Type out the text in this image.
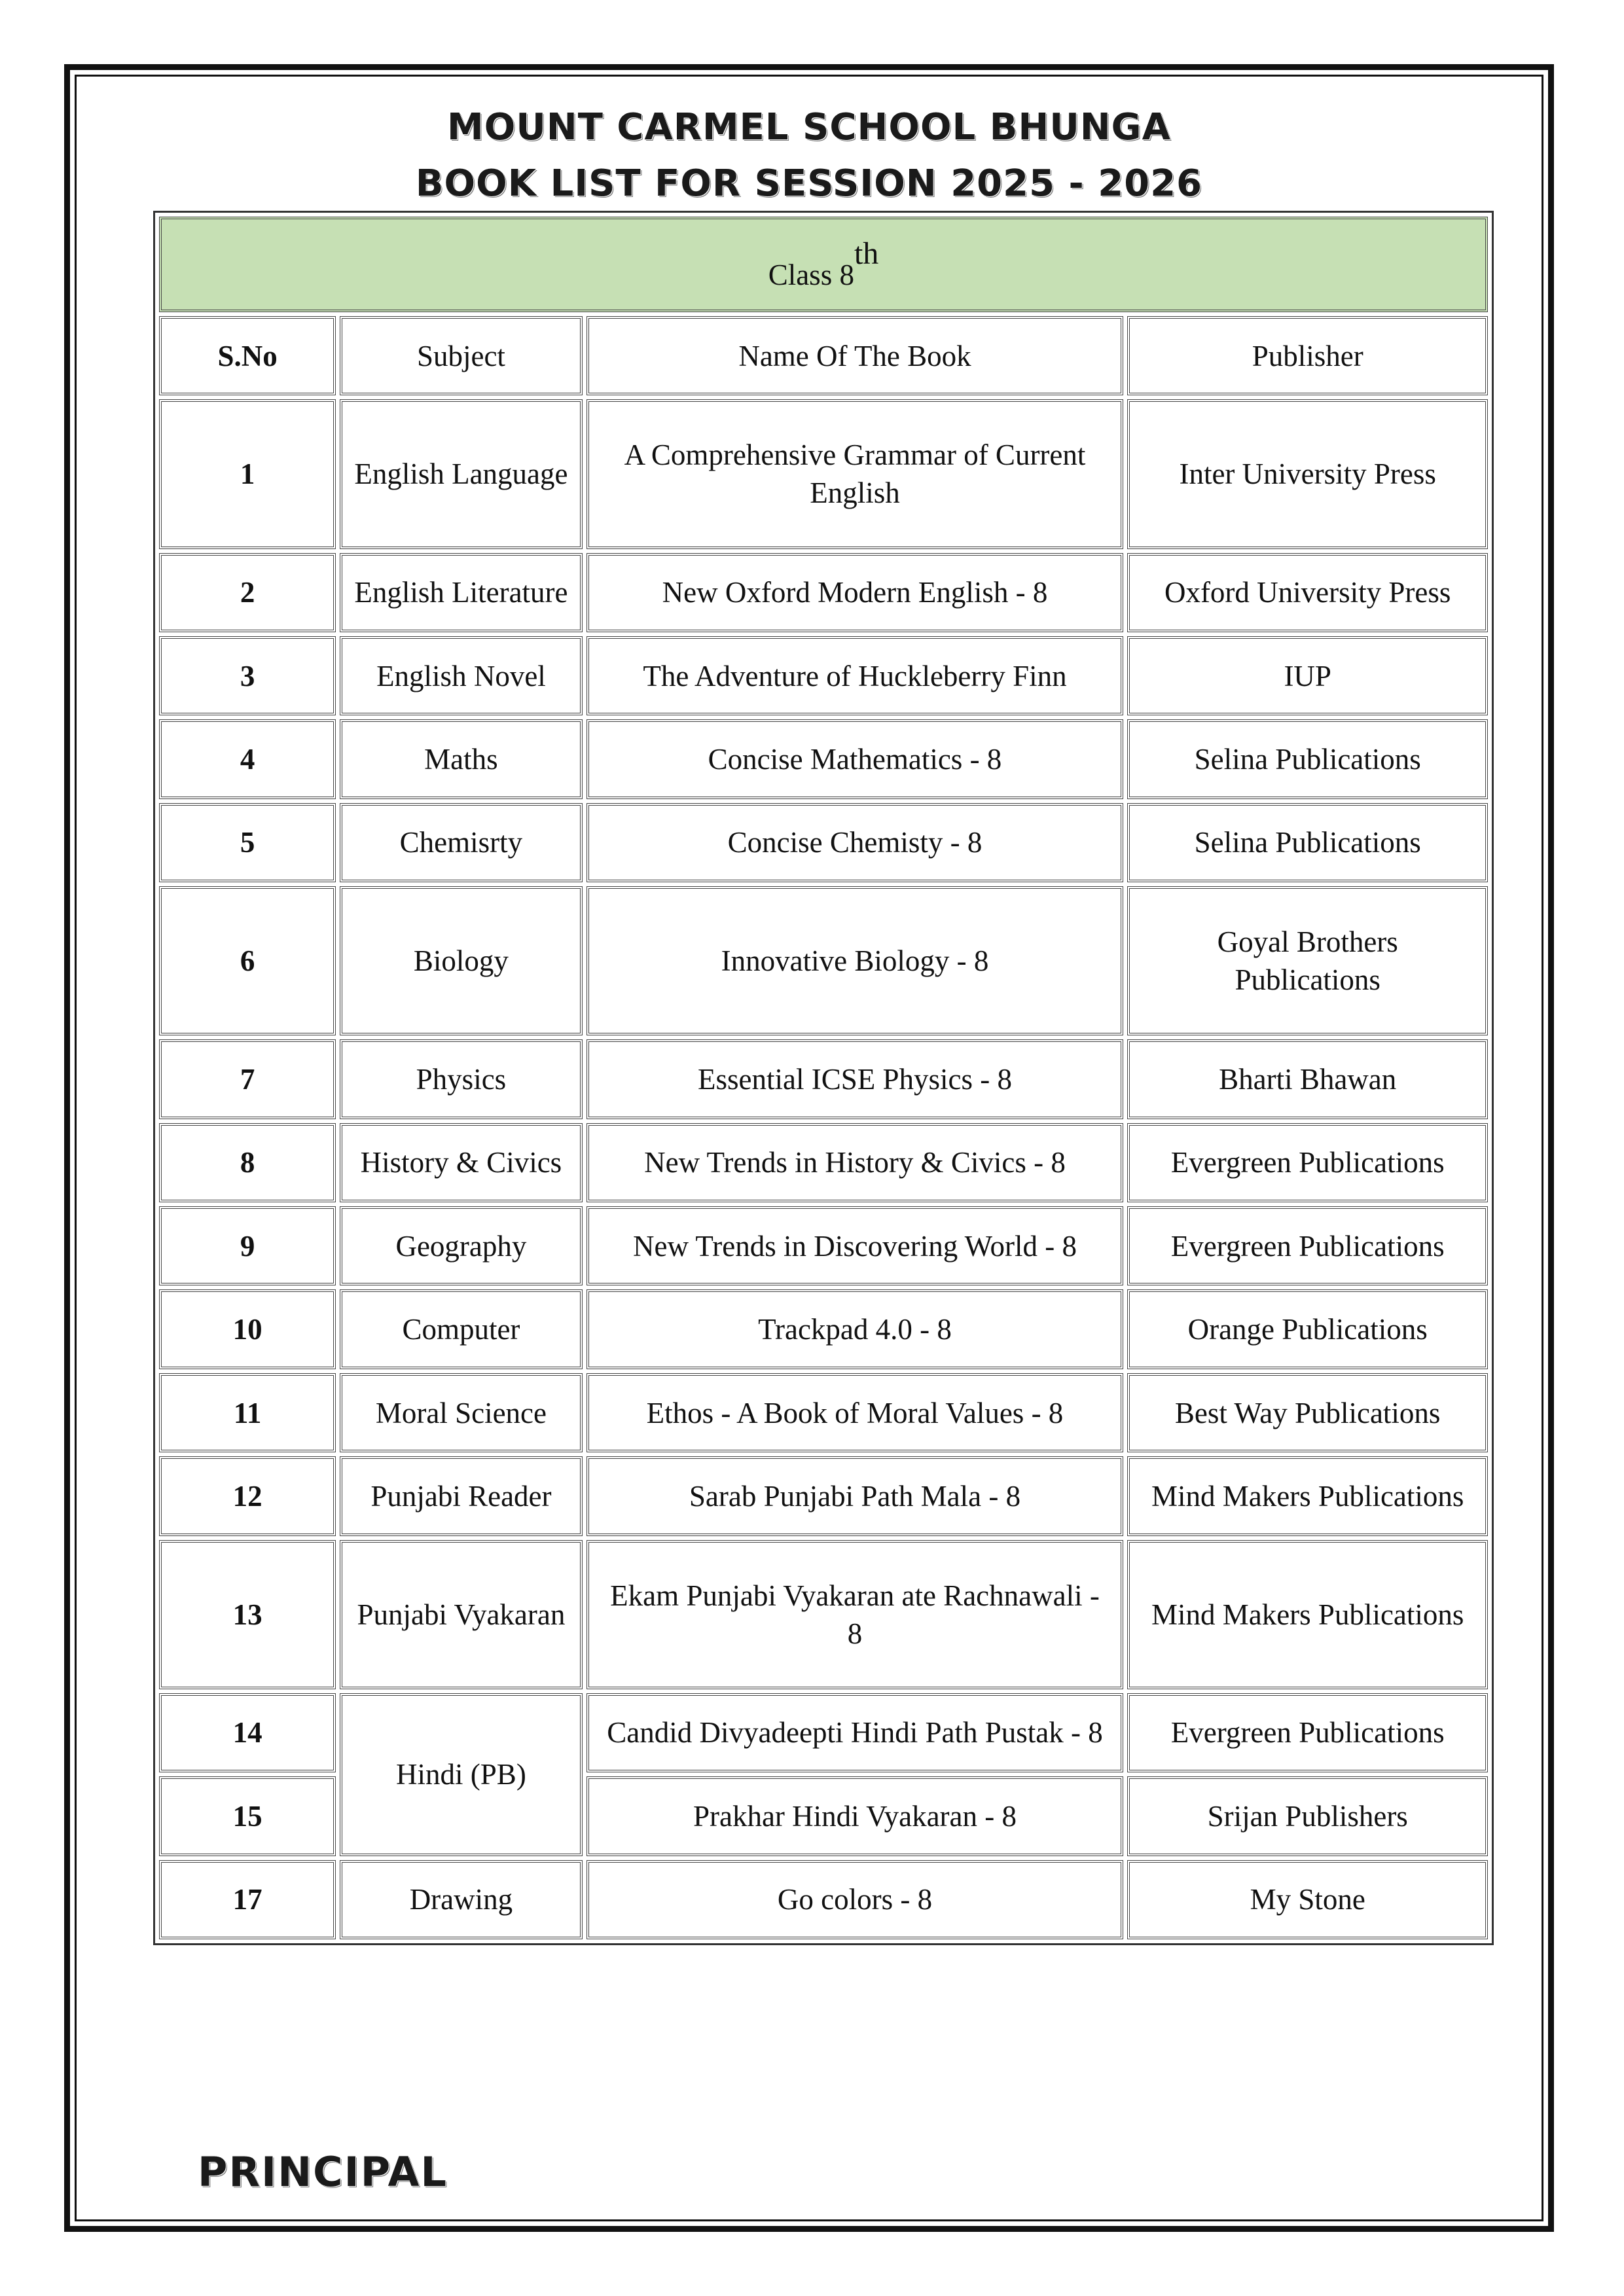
MOUNT CARMEL SCHOOL BHUNGA
BOOK LIST FOR SESSION 2025 - 2026
Class 8th
S.No	Subject	Name Of The Book	Publisher
1	English Language	A Comprehensive Grammar of Current English	Inter University Press
2	English Literature	New Oxford Modern English - 8	Oxford University Press
3	English Novel	The Adventure of Huckleberry Finn	IUP
4	Maths	Concise Mathematics - 8	Selina Publications
5	Chemisrty	Concise Chemisty - 8	Selina Publications
6	Biology	Innovative Biology - 8	Goyal Brothers Publications
7	Physics	Essential ICSE Physics - 8	Bharti Bhawan
8	History & Civics	New Trends in History & Civics - 8	Evergreen Publications
9	Geography	New Trends in Discovering World - 8	Evergreen Publications
10	Computer	Trackpad 4.0 - 8	Orange Publications
11	Moral Science	Ethos - A Book of Moral Values - 8	Best Way Publications
12	Punjabi Reader	Sarab Punjabi Path Mala - 8	Mind Makers Publications
13	Punjabi Vyakaran	Ekam Punjabi Vyakaran ate Rachnawali - 8	Mind Makers Publications
14	Hindi (PB)	Candid Divyadeepti Hindi Path Pustak - 8	Evergreen Publications
15		Prakhar Hindi Vyakaran - 8	Srijan Publishers
17	Drawing	Go colors - 8	My Stone
PRINCIPAL
